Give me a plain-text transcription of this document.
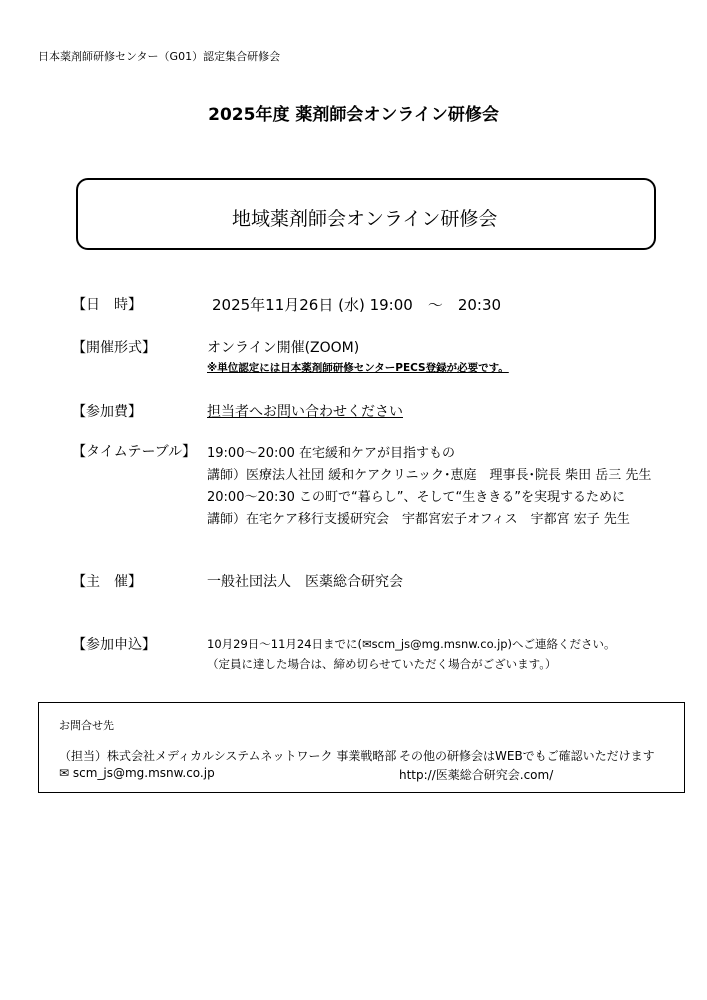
日本薬剤師研修センター（G01）認定集合研修会
2025年度 薬剤師会オンライン研修会
地域薬剤師会オンライン研修会
【日　時】	2025年11月26日 (水) 19:00　～　20:30
【開催形式】	オンライン開催(ZOOM)
※単位認定には日本薬剤師研修センターPECS登録が必要です。
【参加費】	担当者へお問い合わせください
【タイムテーブル】 19:00～20:00 在宅緩和ケアが目指すもの
講師）医療法人社団 緩和ケアクリニック･恵庭　理事長･院長 柴田 岳三 先生
20:00～20:30 この町で“暮らし”、そして“生ききる”を実現するために
講師）在宅ケア移行支援研究会　宇都宮宏子オフィス　宇都宮 宏子 先生
【主　催】	一般社団法人　医薬総合研究会
【参加申込】	10月29日～11月24日までに(✉scm_js@mg.msnw.co.jp)へご連絡ください。
（定員に達した場合は、締め切らせていただく場合がございます。）
お問合せ先
（担当）株式会社メディカルシステムネットワーク 事業戦略部
✉ scm_js@mg.msnw.co.jp
その他の研修会はWEBでもご確認いただけます
http://医薬総合研究会.com/
